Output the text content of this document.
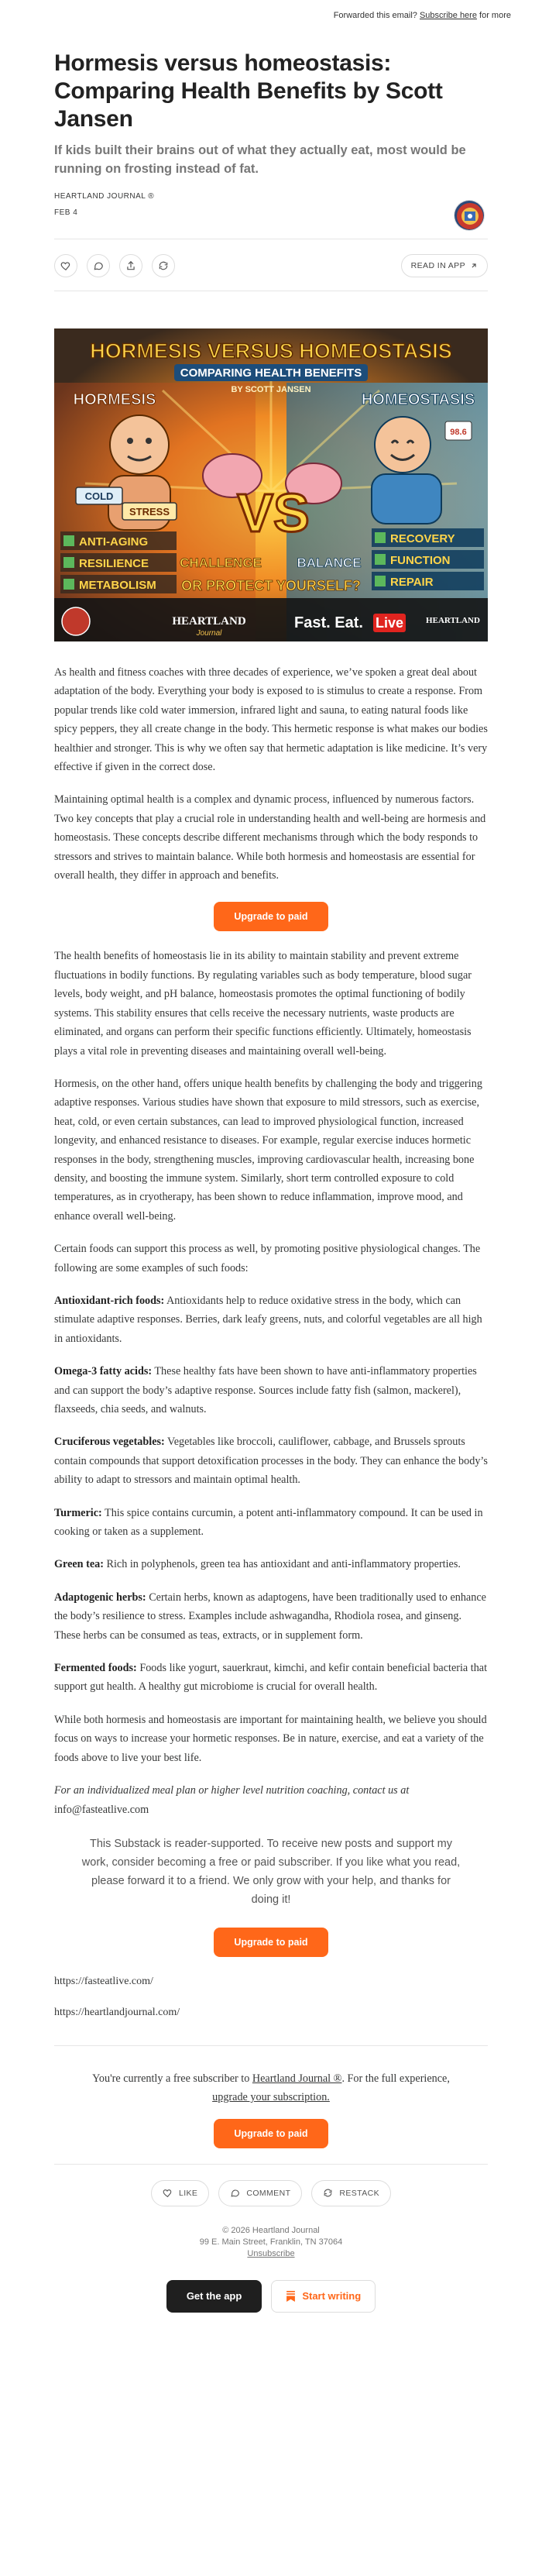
Forwarded this email? Subscribe here for more
Hormesis versus homeostasis: Comparing Health Benefits by Scott Jansen
If kids built their brains out of what they actually eat, most would be running on frosting instead of fat.
HEARTLAND JOURNAL ®
FEB 4
READ IN APP
HORMESIS VERSUS HOMEOSTASIS
COMPARING HEALTH BENEFITS
BY SCOTT JANSEN
HORMESIS	HOMEOSTASIS
COLD
STRESS
98.6
VS
ANTI-AGING
RESILIENCE
METABOLISM
RECOVERY
FUNCTION
REPAIR
CHALLENGE	BALANCE
OR PROTECT YOURSELF?
HEARTLAND
Journal
Fast. Eat. Live	HEARTLAND

As health and fitness coaches with three decades of experience, we’ve spoken a great deal about adaptation of the body. Everything your body is exposed to is stimulus to create a response. From popular trends like cold water immersion, infrared light and sauna, to eating natural foods like spicy peppers, they all create change in the body. This hermetic response is what makes our bodies healthier and stronger. This is why we often say that hermetic adaptation is like medicine. It’s very effective if given in the correct dose.

Maintaining optimal health is a complex and dynamic process, influenced by numerous factors. Two key concepts that play a crucial role in understanding health and well-being are hormesis and homeostasis. These concepts describe different mechanisms through which the body responds to stressors and strives to maintain balance. While both hormesis and homeostasis are essential for overall health, they differ in approach and benefits.

Upgrade to paid

The health benefits of homeostasis lie in its ability to maintain stability and prevent extreme fluctuations in bodily functions. By regulating variables such as body temperature, blood sugar levels, body weight, and pH balance, homeostasis promotes the optimal functioning of bodily systems. This stability ensures that cells receive the necessary nutrients, waste products are eliminated, and organs can perform their specific functions efficiently. Ultimately, homeostasis plays a vital role in preventing diseases and maintaining overall well-being.

Hormesis, on the other hand, offers unique health benefits by challenging the body and triggering adaptive responses. Various studies have shown that exposure to mild stressors, such as exercise, heat, cold, or even certain substances, can lead to improved physiological function, increased longevity, and enhanced resistance to diseases. For example, regular exercise induces hormetic responses in the body, strengthening muscles, improving cardiovascular health, increasing bone density, and boosting the immune system. Similarly, short term controlled exposure to cold temperatures, as in cryotherapy, has been shown to reduce inflammation, improve mood, and enhance overall well-being.

Certain foods can support this process as well, by promoting positive physiological changes. The following are some examples of such foods:

Antioxidant-rich foods: Antioxidants help to reduce oxidative stress in the body, which can stimulate adaptive responses. Berries, dark leafy greens, nuts, and colorful vegetables are all high in antioxidants.

Omega-3 fatty acids: These healthy fats have been shown to have anti-inflammatory properties and can support the body’s adaptive response. Sources include fatty fish (salmon, mackerel), flaxseeds, chia seeds, and walnuts.

Cruciferous vegetables: Vegetables like broccoli, cauliflower, cabbage, and Brussels sprouts contain compounds that support detoxification processes in the body. They can enhance the body’s ability to adapt to stressors and maintain optimal health.

Turmeric: This spice contains curcumin, a potent anti-inflammatory compound. It can be used in cooking or taken as a supplement.

Green tea: Rich in polyphenols, green tea has antioxidant and anti-inflammatory properties.

Adaptogenic herbs: Certain herbs, known as adaptogens, have been traditionally used to enhance the body’s resilience to stress. Examples include ashwagandha, Rhodiola rosea, and ginseng. These herbs can be consumed as teas, extracts, or in supplement form.

Fermented foods: Foods like yogurt, sauerkraut, kimchi, and kefir contain beneficial bacteria that support gut health. A healthy gut microbiome is crucial for overall health.

While both hormesis and homeostasis are important for maintaining health, we believe you should focus on ways to increase your hormetic responses. Be in nature, exercise, and eat a variety of the foods above to live your best life.

For an individualized meal plan or higher level nutrition coaching, contact us at
info@fasteatlive.com

This Substack is reader-supported. To receive new posts and support my work, consider becoming a free or paid subscriber. If you like what you read, please forward it to a friend. We only grow with your help, and thanks for doing it!
Upgrade to paid
https://fasteatlive.com/
https://heartlandjournal.com/
You're currently a free subscriber to Heartland Journal ®. For the full experience, upgrade your subscription.
Upgrade to paid
LIKE	COMMENT	RESTACK
© 2026 Heartland Journal
99 E. Main Street, Franklin, TN 37064
Unsubscribe
Get the app	Start writing
